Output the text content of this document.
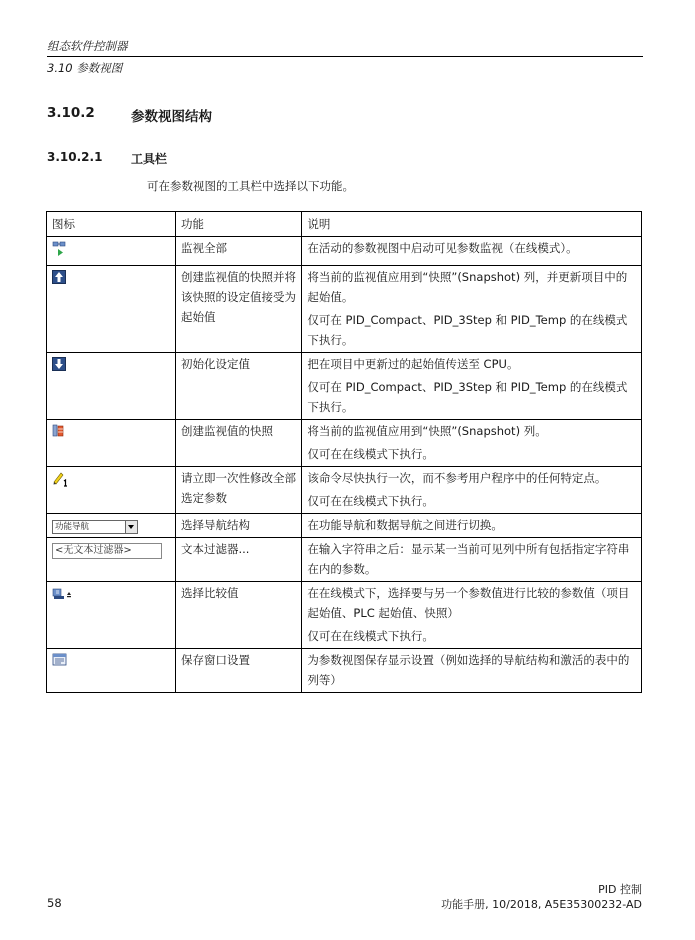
组态软件控制器
3.10 参数视图
3.10.2	参数视图结构
3.10.2.1 工具栏
可在参数视图的工具栏中选择以下功能。
图标	功能	说明
	监视全部	在活动的参数视图中启动可见参数监视（在线模式）。

	创建监视值的快照并将该快照的设定值接受为起始值	将当前的监视值应用到“快照”(Snapshot) 列，并更新项目中的起始值。

仅可在 PID_Compact、PID_3Step 和 PID_Temp 的在线模式下执行。

	初始化设定值	把在项目中更新过的起始值传送至 CPU。

仅可在 PID_Compact、PID_3Step 和 PID_Temp 的在线模式下执行。

	创建监视值的快照	将当前的监视值应用到“快照”(Snapshot) 列。

仅可在在线模式下执行。

	请立即一次性修改全部选定参数	该命令尽快执行一次，而不参考用户程序中的任何特定点。

仅可在在线模式下执行。

功能导航	选择导航结构	在功能导航和数据导航之间进行切换。

<无文本过滤器>	文本过滤器...	在输入字符串之后：显示某一当前可见列中所有包括指定字符串在内的参数。

	选择比较值	在在线模式下，选择要与另一个参数值进行比较的参数值（项目起始值、PLC 起始值、快照）

仅可在在线模式下执行。

	保存窗口设置	为参数视图保存显示设置（例如选择的导航结构和激活的表中的列等）

58
PID 控制
功能手册, 10/2018, A5E35300232-AD
